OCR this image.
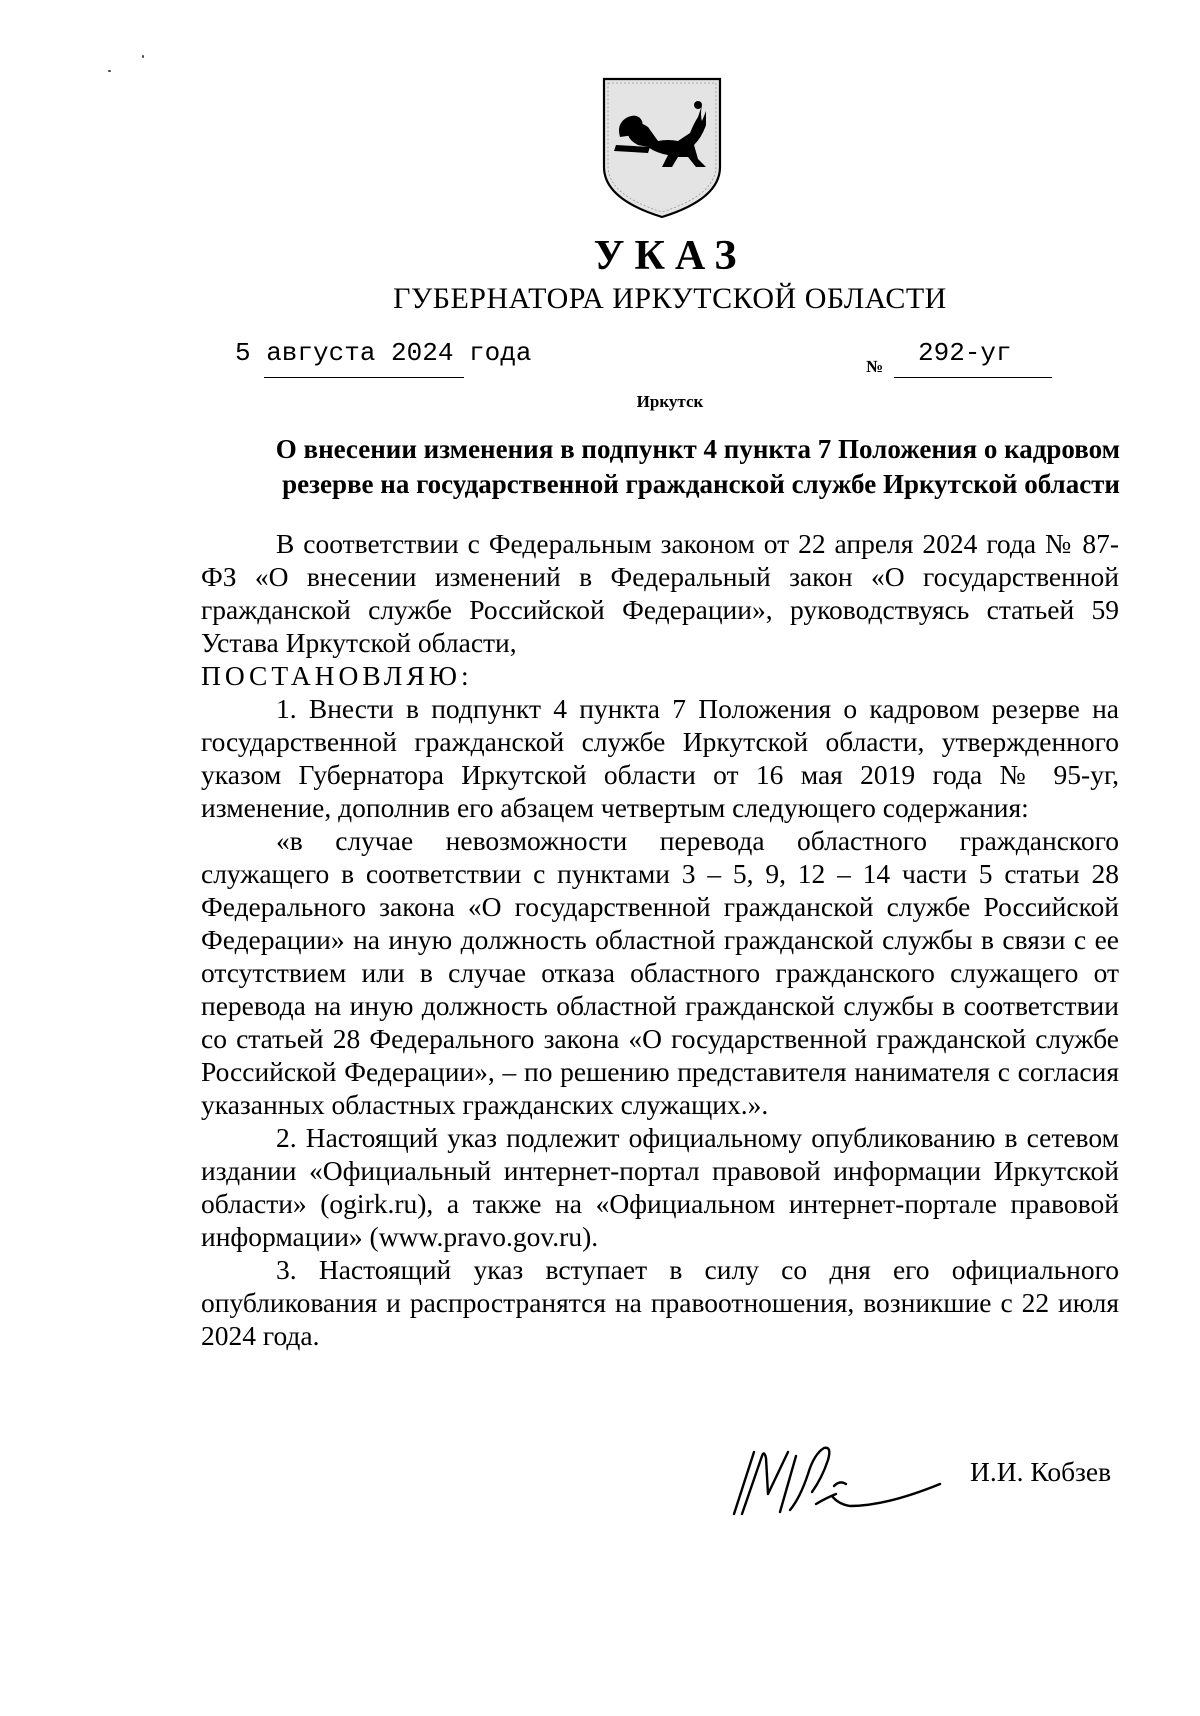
УКАЗ
ГУБЕРНАТОРА ИРКУТСКОЙ ОБЛАСТИ
5 августа 2024 года	№ 292-уг
Иркутск
О внесении изменения в подпункт 4 пункта 7 Положения о кадровом
резерве на государственной гражданской службе Иркутской области

В соответствии с Федеральным законом от 22 апреля 2024 года № 87-ФЗ «О внесении изменений в Федеральный закон «О государственной гражданской службе Российской Федерации», руководствуясь статьей 59 Устава Иркутской области,

ПОСТАНОВЛЯЮ:

1. Внести в подпункт 4 пункта 7 Положения о кадровом резерве на государственной гражданской службе Иркутской области, утвержденного указом Губернатора Иркутской области от 16 мая 2019 года № 95-уг, изменение, дополнив его абзацем четвертым следующего содержания:

«в случае невозможности перевода областного гражданского служащего в соответствии с пунктами 3 – 5, 9, 12 – 14 части 5 статьи 28 Федерального закона «О государственной гражданской службе Российской Федерации» на иную должность областной гражданской службы в связи с ее отсутствием или в случае отказа областного гражданского служащего от перевода на иную должность областной гражданской службы в соответствии со статьей 28 Федерального закона «О государственной гражданской службе Российской Федерации», – по решению представителя нанимателя с согласия указанных областных гражданских служащих.».

2. Настоящий указ подлежит официальному опубликованию в сетевом издании «Официальный интернет-портал правовой информации Иркутской области» (ogirk.ru), а также на «Официальном интернет-портале правовой информации» (www.pravo.gov.ru).

3. Настоящий указ вступает в силу со дня его официального опубликования и распространятся на правоотношения, возникшие с 22 июля 2024 года.

И.И. Кобзев
